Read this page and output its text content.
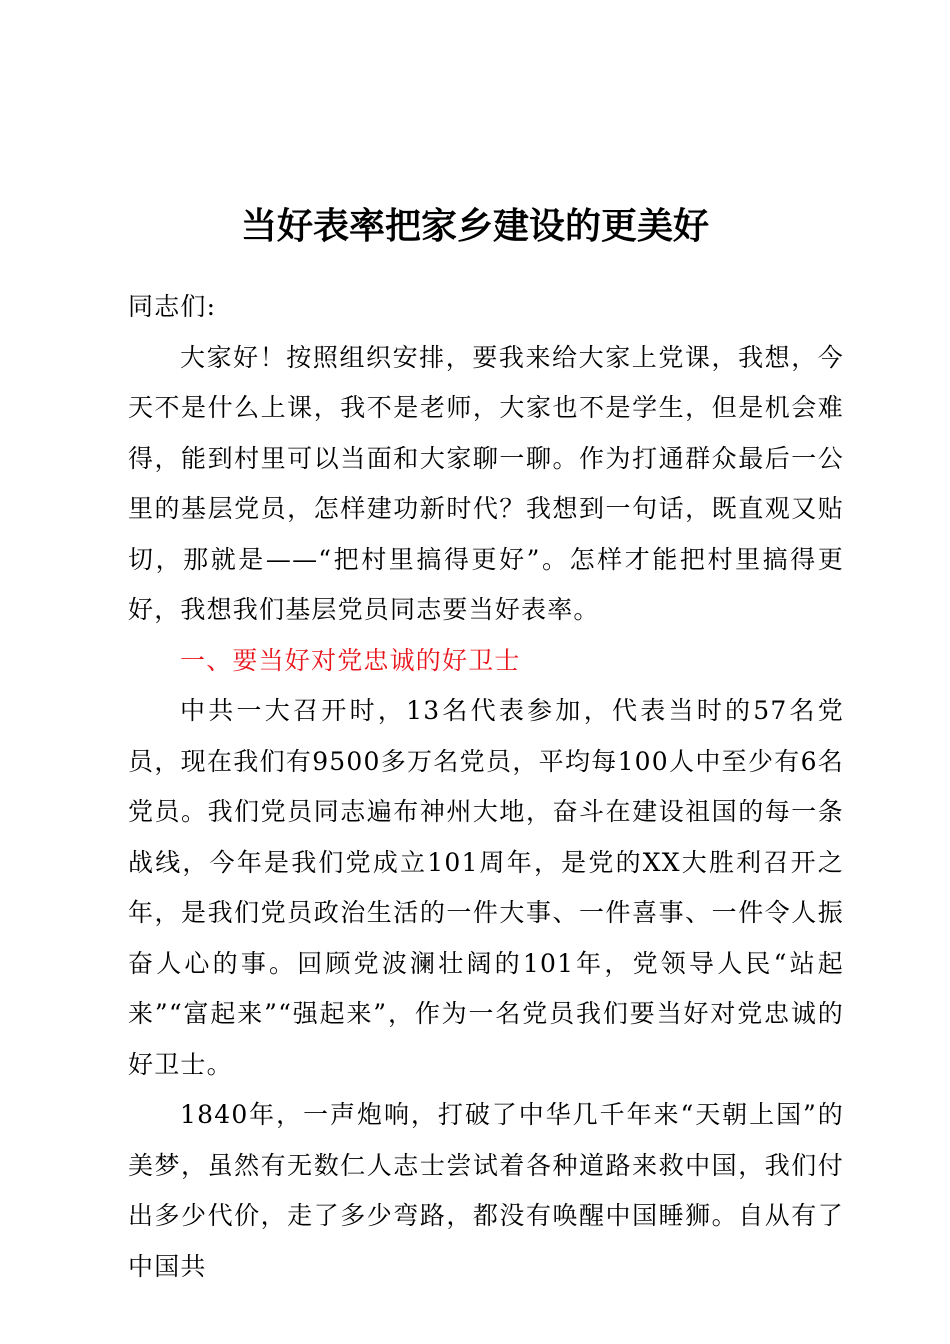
当好表率把家乡建设的更美好

同志们:

大家好！按照组织安排，要我来给大家上党课，我想，今天不是什么上课，我不是老师，大家也不是学生，但是机会难得，能到村里可以当面和大家聊一聊。作为打通群众最后一公里的基层党员，怎样建功新时代？我想到一句话，既直观又贴切，那就是——“把村里搞得更好”。怎样才能把村里搞得更好，我想我们基层党员同志要当好表率。

一、要当好对党忠诚的好卫士

中共一大召开时，13名代表参加，代表当时的57名党员，现在我们有9500多万名党员，平均每100人中至少有6名党员。我们党员同志遍布神州大地，奋斗在建设祖国的每一条战线，今年是我们党成立101周年，是党的XX大胜利召开之年，是我们党员政治生活的一件大事、一件喜事、一件令人振奋人心的事。回顾党波澜壮阔的101年，党领导人民“站起来”“富起来”“强起来”，作为一名党员我们要当好对党忠诚的好卫士。

1840年，一声炮响，打破了中华几千年来“天朝上国”的美梦，虽然有无数仁人志士尝试着各种道路来救中国，我们付出多少代价，走了多少弯路，都没有唤醒中国睡狮。自从有了中国共
